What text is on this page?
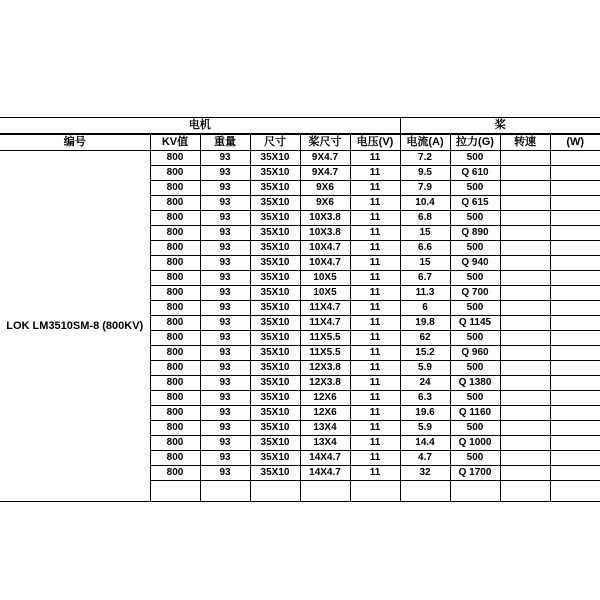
电机						桨			
编号	KV值	重量	尺寸	桨尺寸	电压(V)	电流(A)	拉力(G)	转速	(W)
LOK LM3510SM-8 (800KV)	800	93	35X10	9X4.7	11	7.2	500		
	800	93	35X10	9X4.7	11	9.5	Q 610		
	800	93	35X10	9X6	11	7.9	500		
	800	93	35X10	9X6	11	10.4	Q 615		
	800	93	35X10	10X3.8	11	6.8	500		
	800	93	35X10	10X3.8	11	15	Q 890		
	800	93	35X10	10X4.7	11	6.6	500		
	800	93	35X10	10X4.7	11	15	Q 940		
	800	93	35X10	10X5	11	6.7	500		
	800	93	35X10	10X5	11	11.3	Q 700		
	800	93	35X10	11X4.7	11	6	500		
	800	93	35X10	11X4.7	11	19.8	Q 1145		
	800	93	35X10	11X5.5	11	62	500		
	800	93	35X10	11X5.5	11	15.2	Q 960		
	800	93	35X10	12X3.8	11	5.9	500		
	800	93	35X10	12X3.8	11	24	Q 1380		
	800	93	35X10	12X6	11	6.3	500		
	800	93	35X10	12X6	11	19.6	Q 1160		
	800	93	35X10	13X4	11	5.9	500		
	800	93	35X10	13X4	11	14.4	Q 1000		
	800	93	35X10	14X4.7	11	4.7	500		
	800	93	35X10	14X4.7	11	32	Q 1700		
